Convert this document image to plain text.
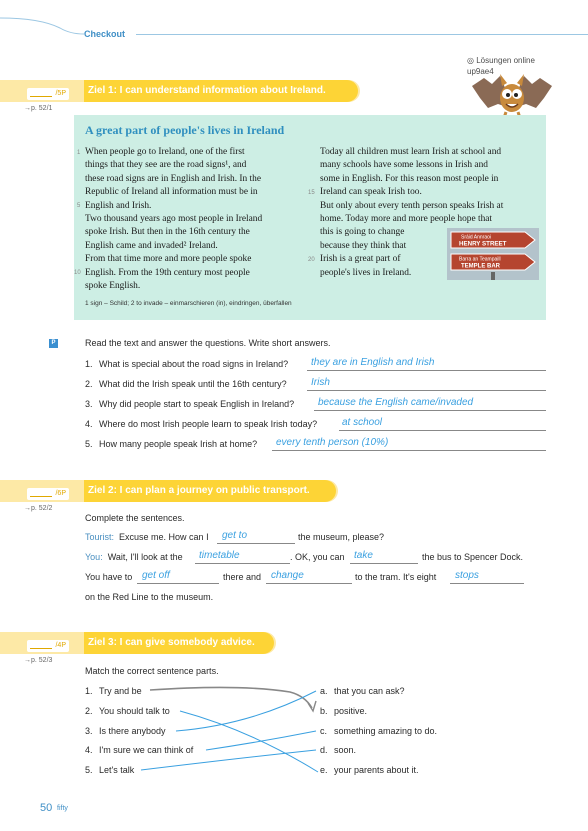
Checkout
◎ Lösungen online
up9ae4
/5P	Ziel 1: I can understand information about Ireland.
→p. 52/1
A great part of people's lives in Ireland
1
5
10
15
20
When people go to Ireland, one of the first
things that they see are the road signs¹, and
these road signs are in English and Irish. In the
Republic of Ireland all information must be in
English and Irish.
Two thousand years ago most people in Ireland
spoke Irish. But then in the 16th century the
English came and invaded² Ireland.
From that time more and more people spoke
English. From the 19th century most people
spoke English.
Today all children must learn Irish at school and
many schools have some lessons in Irish and
some in English. For this reason most people in
Ireland can speak Irish too.
But only about every tenth person speaks Irish at
home. Today more and more people hope that
this is going to change
because they think that
Irish is a great part of
people's lives in Ireland.
Sráid Annraoi
HENRY STREET
Barra an Teampaill
TEMPLE BAR
1 sign – Schild; 2 to invade – einmarschieren (in), eindringen, überfallen
P	Read the text and answer the questions. Write short answers.
1. What is special about the road signs in Ireland? they are in English and Irish
2. What did the Irish speak until the 16th century? Irish
3. Why did people start to speak English in Ireland? because the English came/invaded
4. Where do most Irish people learn to speak Irish today? at school
5. How many people speak Irish at home? every tenth person (10%)
/6P	Ziel 2: I can plan a journey on public transport.
→p. 52/2
Complete the sentences.
Tourist: Excuse me. How can I get to	the museum, please?
You: Wait, I'll look at the timetable	. OK, you can take	the bus to Spencer Dock.
You have to get off	there and change	to the tram. It's eight stops
on the Red Line to the museum.
/4P	Ziel 3: I can give somebody advice.
→p. 52/3
Match the correct sentence parts.
1. Try and be
2. You should talk to
3. Is there anybody
4. I'm sure we can think of
5. Let's talk
a. that you can ask?
b. positive.
c. something amazing to do.
d. soon.
e. your parents about it.
50 fifty
